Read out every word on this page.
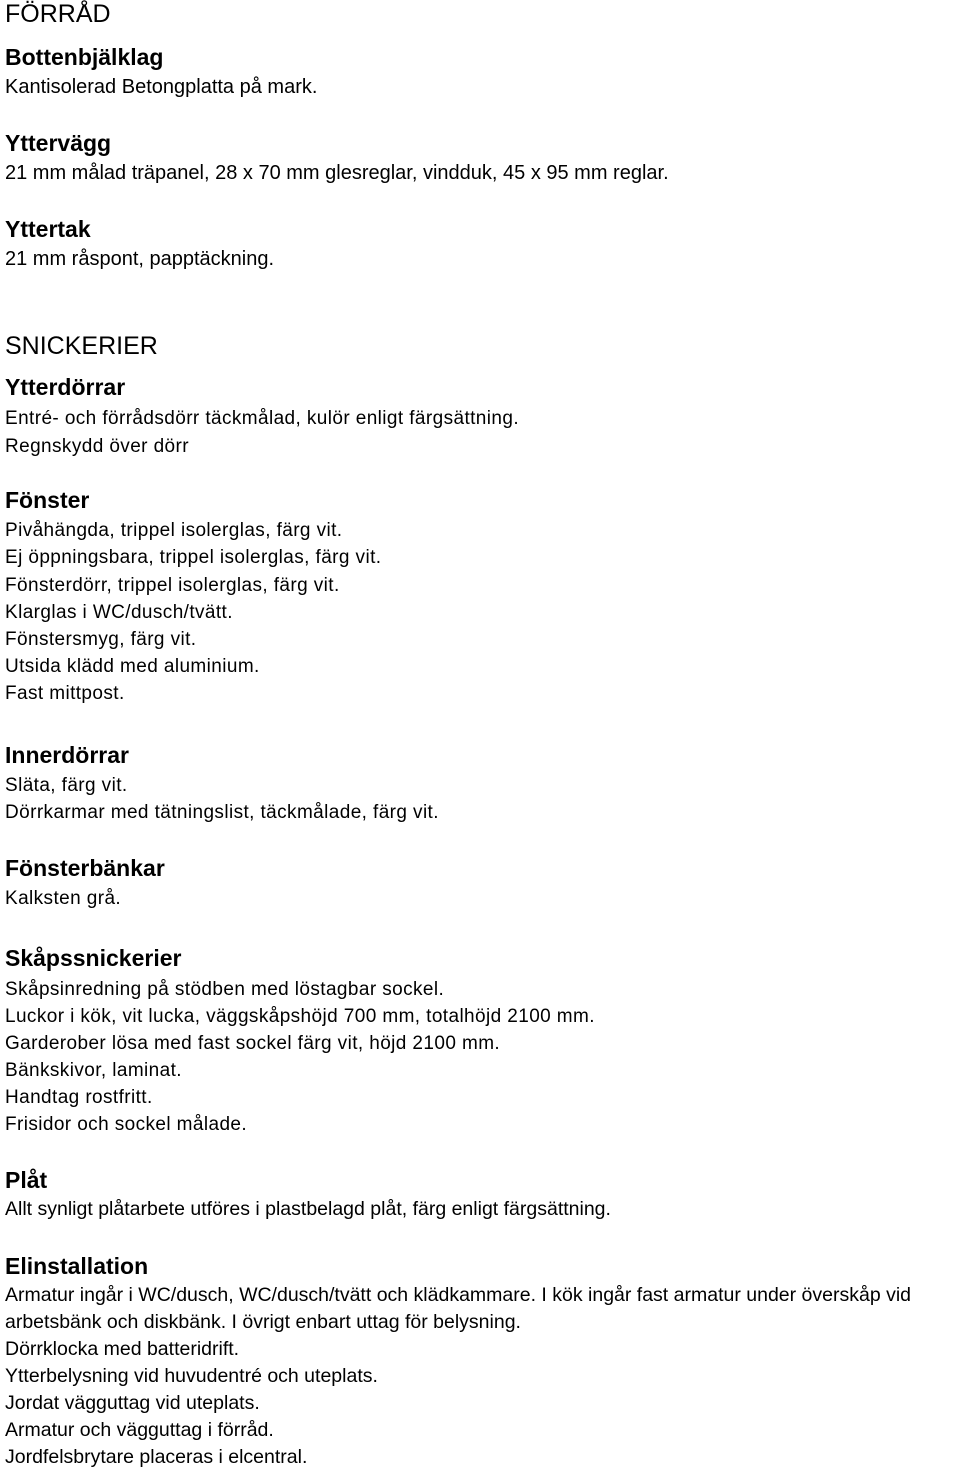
FÖRRÅD
Bottenbjälklag
Kantisolerad Betongplatta på mark.
Yttervägg
21 mm målad träpanel, 28 x 70 mm glesreglar, vindduk, 45 x 95 mm reglar.
Yttertak
21 mm råspont, papptäckning.
SNICKERIER
Ytterdörrar
Entré- och förrådsdörr täckmålad, kulör enligt färgsättning.
Regnskydd över dörr
Fönster
Pivåhängda, trippel isolerglas, färg vit.
Ej öppningsbara, trippel isolerglas, färg vit.
Fönsterdörr, trippel isolerglas, färg vit.
Klarglas i WC/dusch/tvätt.
Fönstersmyg, färg vit.
Utsida klädd med aluminium.
Fast mittpost.
Innerdörrar
Släta, färg vit.
Dörrkarmar med tätningslist, täckmålade, färg vit.
Fönsterbänkar
Kalksten grå.
Skåpssnickerier
Skåpsinredning på stödben med löstagbar sockel.
Luckor i kök, vit lucka, väggskåpshöjd 700 mm, totalhöjd 2100 mm.
Garderober lösa med fast sockel färg vit, höjd 2100 mm.
Bänkskivor, laminat.
Handtag rostfritt.
Frisidor och sockel målade.
Plåt
Allt synligt plåtarbete utföres i plastbelagd plåt, färg enligt färgsättning.
Elinstallation
Armatur ingår i WC/dusch, WC/dusch/tvätt och klädkammare. I kök ingår fast armatur under överskåp vid arbetsbänk och diskbänk. I övrigt enbart uttag för belysning.
Dörrklocka med batteridrift.
Ytterbelysning vid huvudentré och uteplats.
Jordat vägguttag vid uteplats.
Armatur och vägguttag i förråd.
Jordfelsbrytare placeras i elcentral.
